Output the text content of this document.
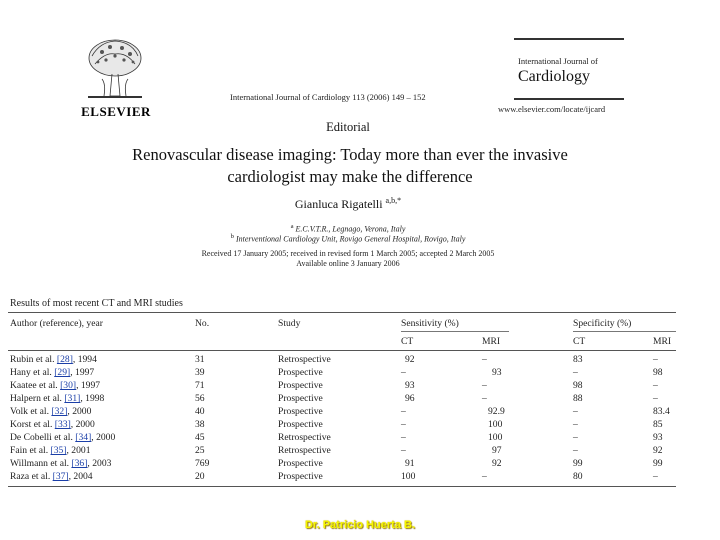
ELSEVIER
International Journal of Cardiology 113 (2006) 149 – 152
International Journal of
Cardiology
www.elsevier.com/locate/ijcard
Editorial
Renovascular disease imaging: Today more than ever the invasive
cardiologist may make the difference
Gianluca Rigatelli $^{a,b,*}$
$^a$ E.C.V.T.R., Legnago, Verona, Italy
$^b$ Interventional Cardiology Unit, Rovigo General Hospital, Rovigo, Italy
Received 17 January 2005; received in revised form 1 March 2005; accepted 2 March 2005
Available online 3 January 2006
Results of most recent CT and MRI studies
Author (reference), year	No.	Study	Sensitivity (%)	Specificity (%)
CT	MRI	CT	MRI
Rubin et al. [28], 1994	31	Retrospective	92	–	83	–
Hany et al. [29], 1997	39	Prospective	–	93	–	98
Kaatee et al. [30], 1997	71	Prospective	93	–	98	–
Halpern et al. [31], 1998	56	Prospective	96	–	88	–
Volk et al. [32], 2000	40	Prospective	–	92.9	–	83.4
Korst et al. [33], 2000	38	Prospective	–	100	–	85
De Cobelli et al. [34], 2000	45	Retrospective	–	100	–	93
Fain et al. [35], 2001	25	Retrospective	–	97	–	92
Willmann et al. [36], 2003	769	Prospective	91	92	99	99
Raza et al. [37], 2004	20	Prospective	100	–	80	–
Dr. Patricio Huerta B.
